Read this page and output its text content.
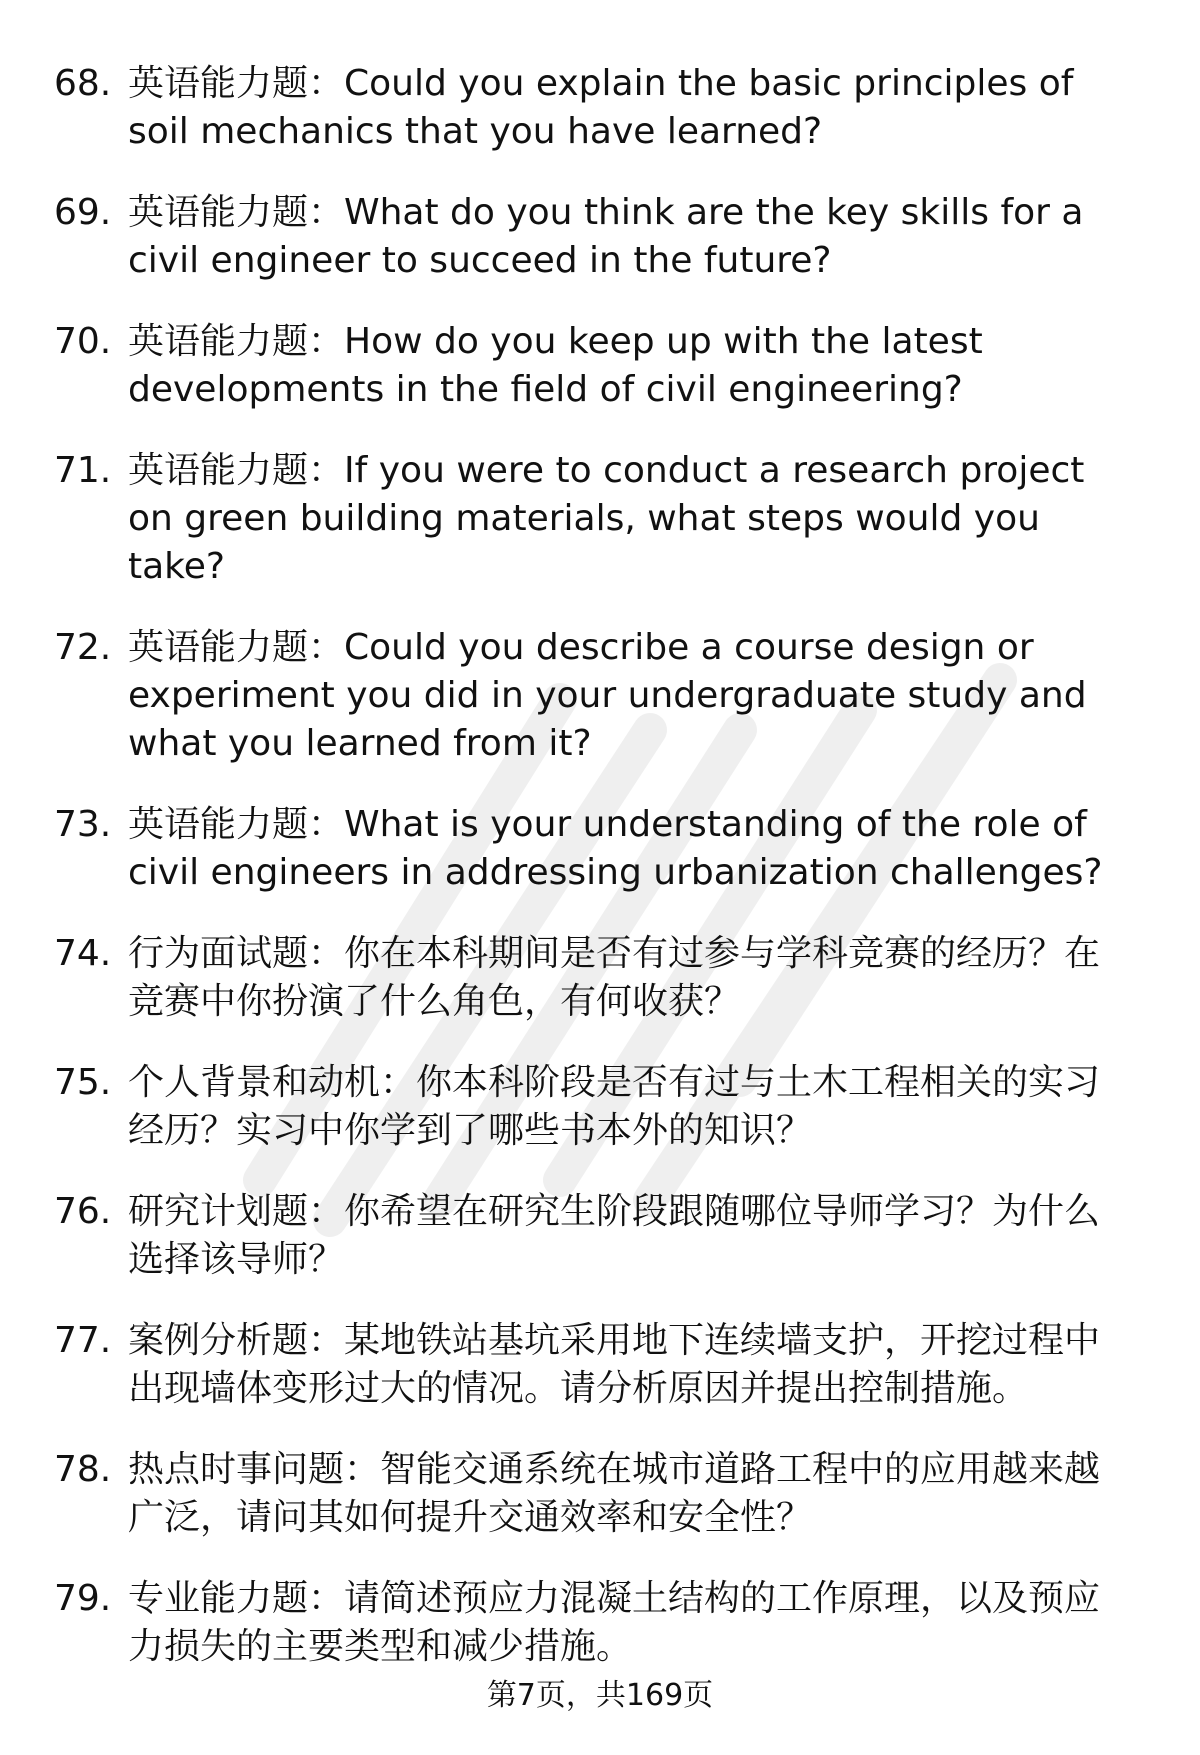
68. 英语能力题：Could you explain the basic principles of soil mechanics that you have learned?
69. 英语能力题：What do you think are the key skills for a civil engineer to succeed in the future?
70. 英语能力题：How do you keep up with the latest developments in the field of civil engineering?
71. 英语能力题：If you were to conduct a research project on green building materials, what steps would you take?
72. 英语能力题：Could you describe a course design or experiment you did in your undergraduate study and what you learned from it?
73. 英语能力题：What is your understanding of the role of civil engineers in addressing urbanization challenges?
74. 行为面试题：你在本科期间是否有过参与学科竞赛的经历？在竞赛中你扮演了什么角色，有何收获？
75. 个人背景和动机：你本科阶段是否有过与土木工程相关的实习经历？实习中你学到了哪些书本外的知识？
76. 研究计划题：你希望在研究生阶段跟随哪位导师学习？为什么选择该导师？
77. 案例分析题：某地铁站基坑采用地下连续墙支护，开挖过程中出现墙体变形过大的情况。请分析原因并提出控制措施。
78. 热点时事问题：智能交通系统在城市道路工程中的应用越来越广泛，请问其如何提升交通效率和安全性？
79. 专业能力题：请简述预应力混凝土结构的工作原理，以及预应力损失的主要类型和减少措施。
第7页，共169页
